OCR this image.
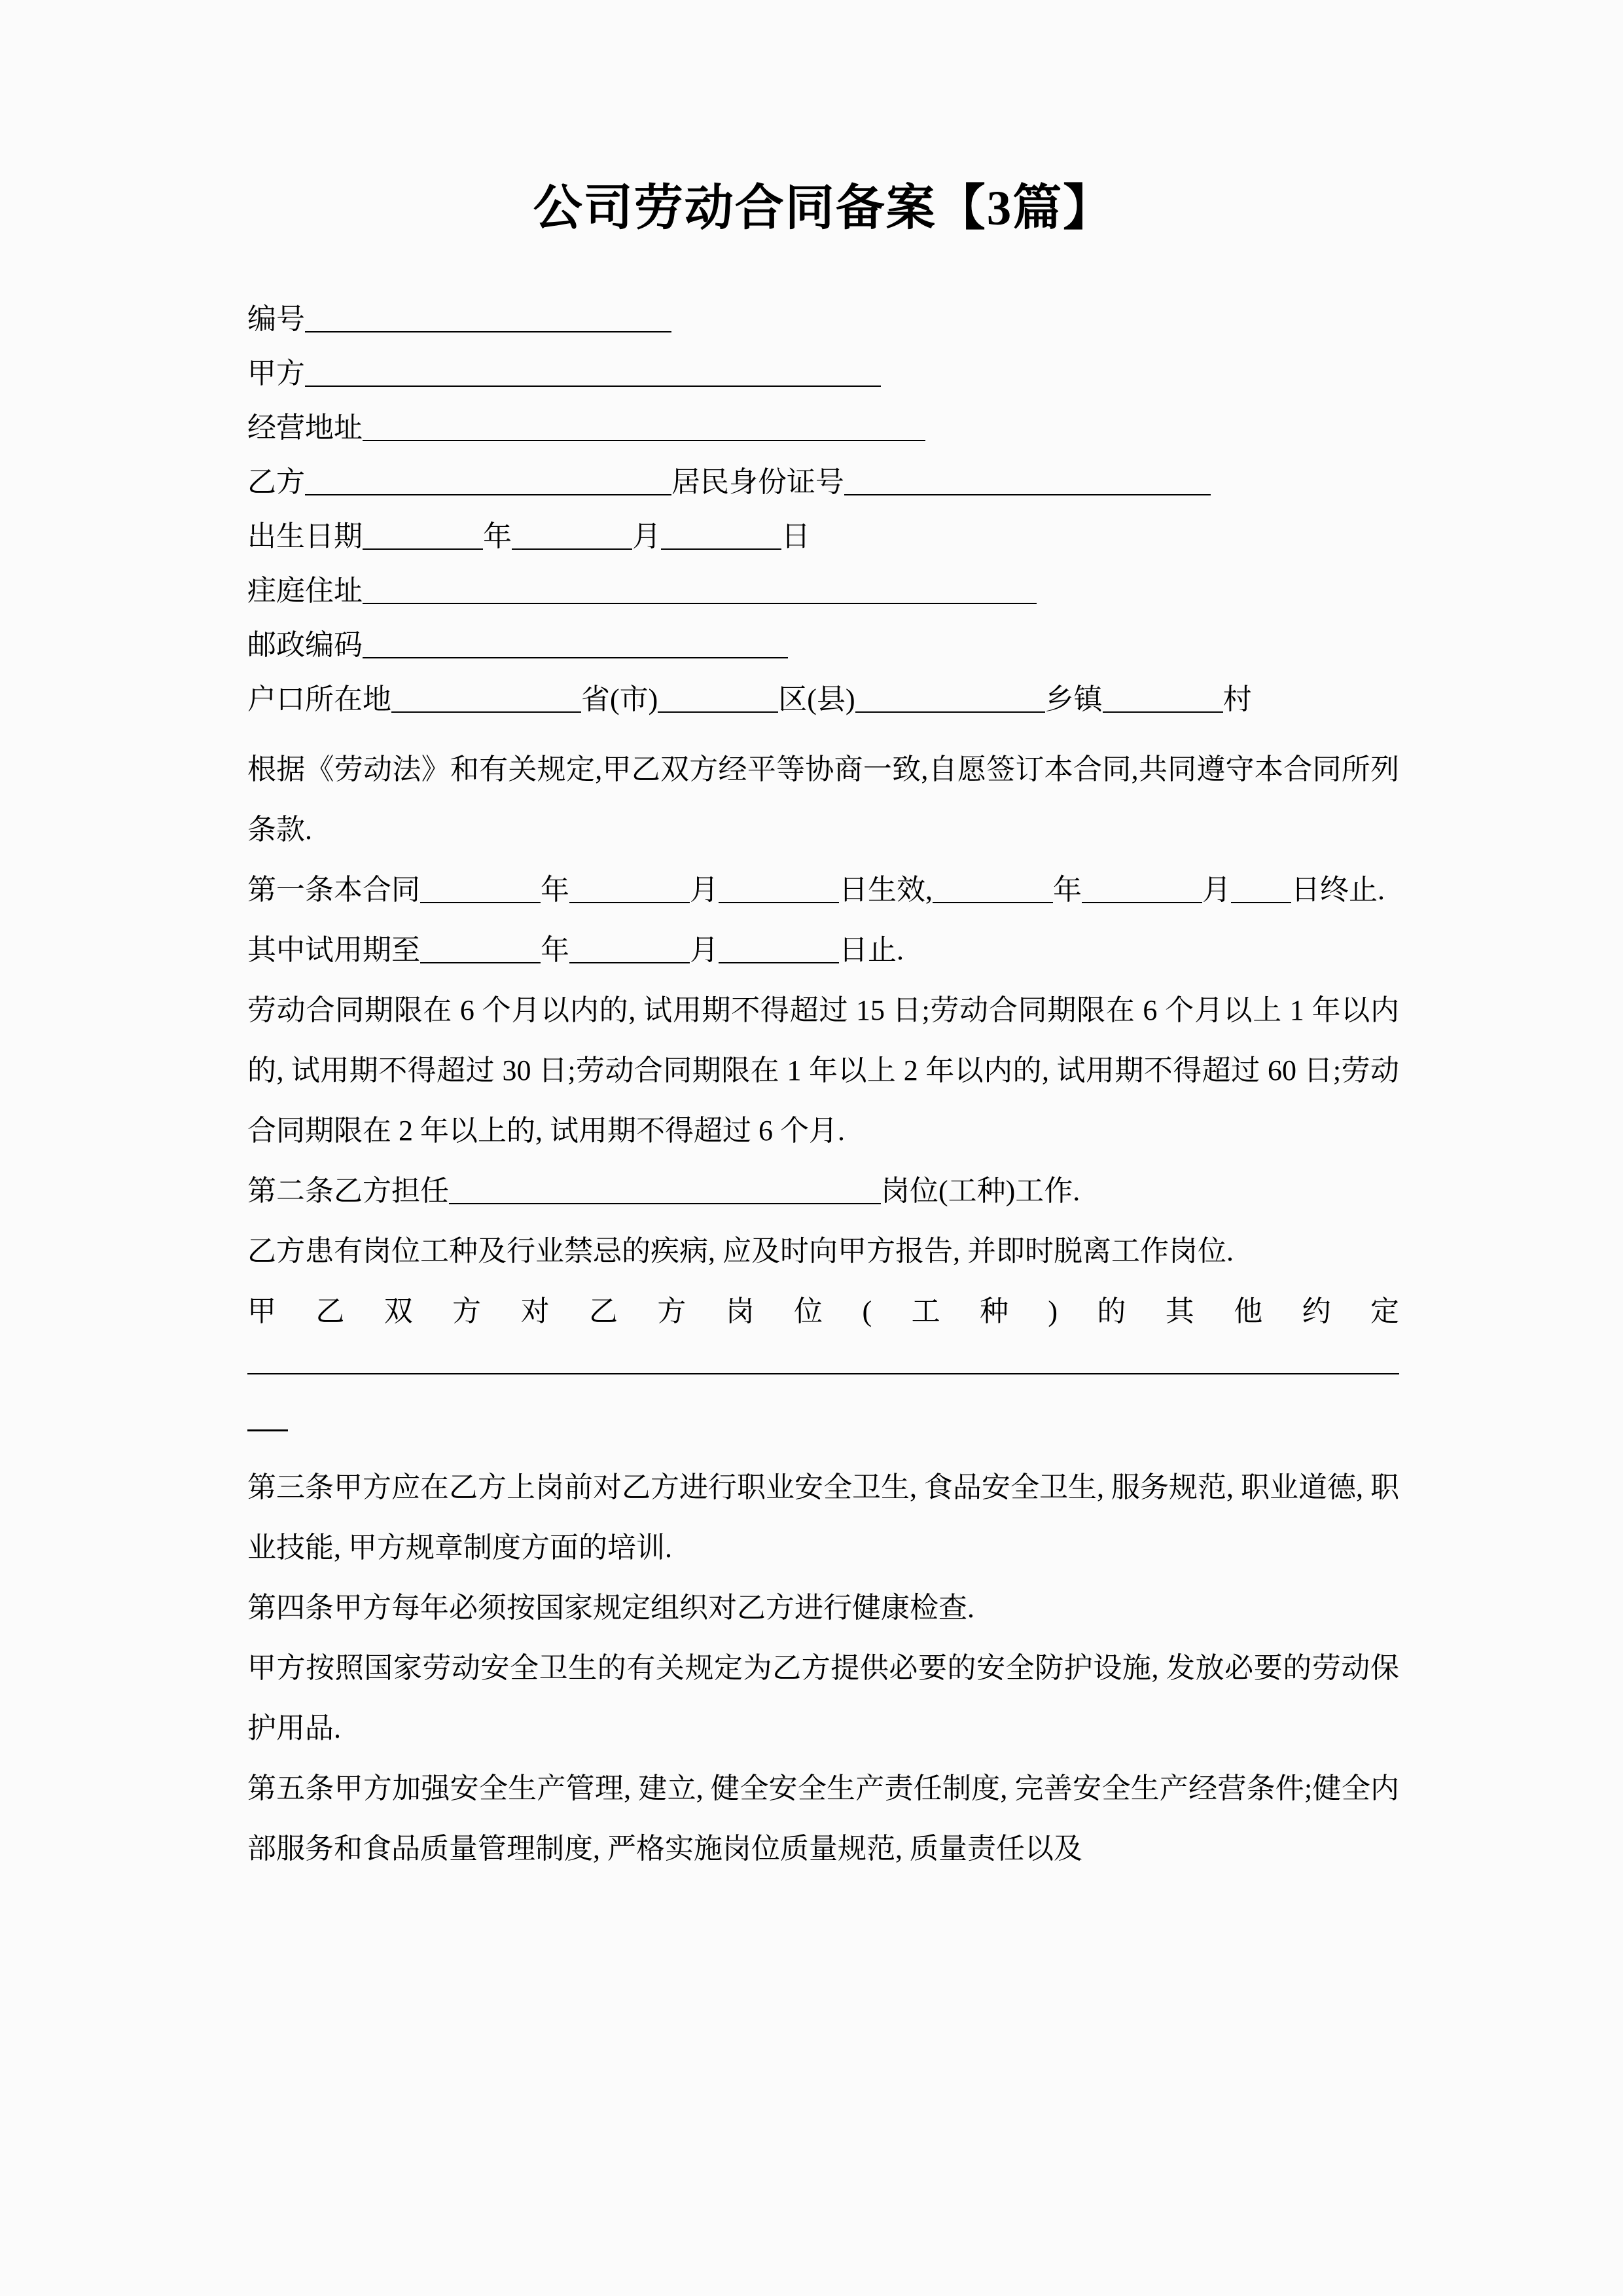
公司劳动合同备案【3篇】
编号
甲方
经营地址
乙方	居民身份证号
出生日期	年	月	日
疰庭住址
邮政编码
户口所在地	省(市)	区(县)	乡镇	村

根据《劳动法》和有关规定,甲乙双方经平等协商一致,自愿签订本合同,共同遵守本合同所列条款.

第一条本合同	年	月	日生效,	年	月 日终止.

其中试用期至	年	月	日止.

劳动合同期限在 6 个月以内的, 试用期不得超过 15 日;劳动合同期限在 6 个月以上 1 年以内的, 试用期不得超过 30 日;劳动合同期限在 1 年以上 2 年以内的, 试用期不得超过 60 日;劳动合同期限在 2 年以上的, 试用期不得超过 6 个月.

第二条乙方担任	岗位(工种)工作.

乙方患有岗位工种及行业禁忌的疾病, 应及时向甲方报告, 并即时脱离工作岗位.

甲乙双方对乙方岗位(工种)的其他约定

第三条甲方应在乙方上岗前对乙方进行职业安全卫生, 食品安全卫生, 服务规范, 职业道德, 职业技能, 甲方规章制度方面的培训.

第四条甲方每年必须按国家规定组织对乙方进行健康检查.

甲方按照国家劳动安全卫生的有关规定为乙方提供必要的安全防护设施, 发放必要的劳动保护用品.

第五条甲方加强安全生产管理, 建立, 健全安全生产责任制度, 完善安全生产经营条件;健全内部服务和食品质量管理制度, 严格实施岗位质量规范, 质量责任以及
